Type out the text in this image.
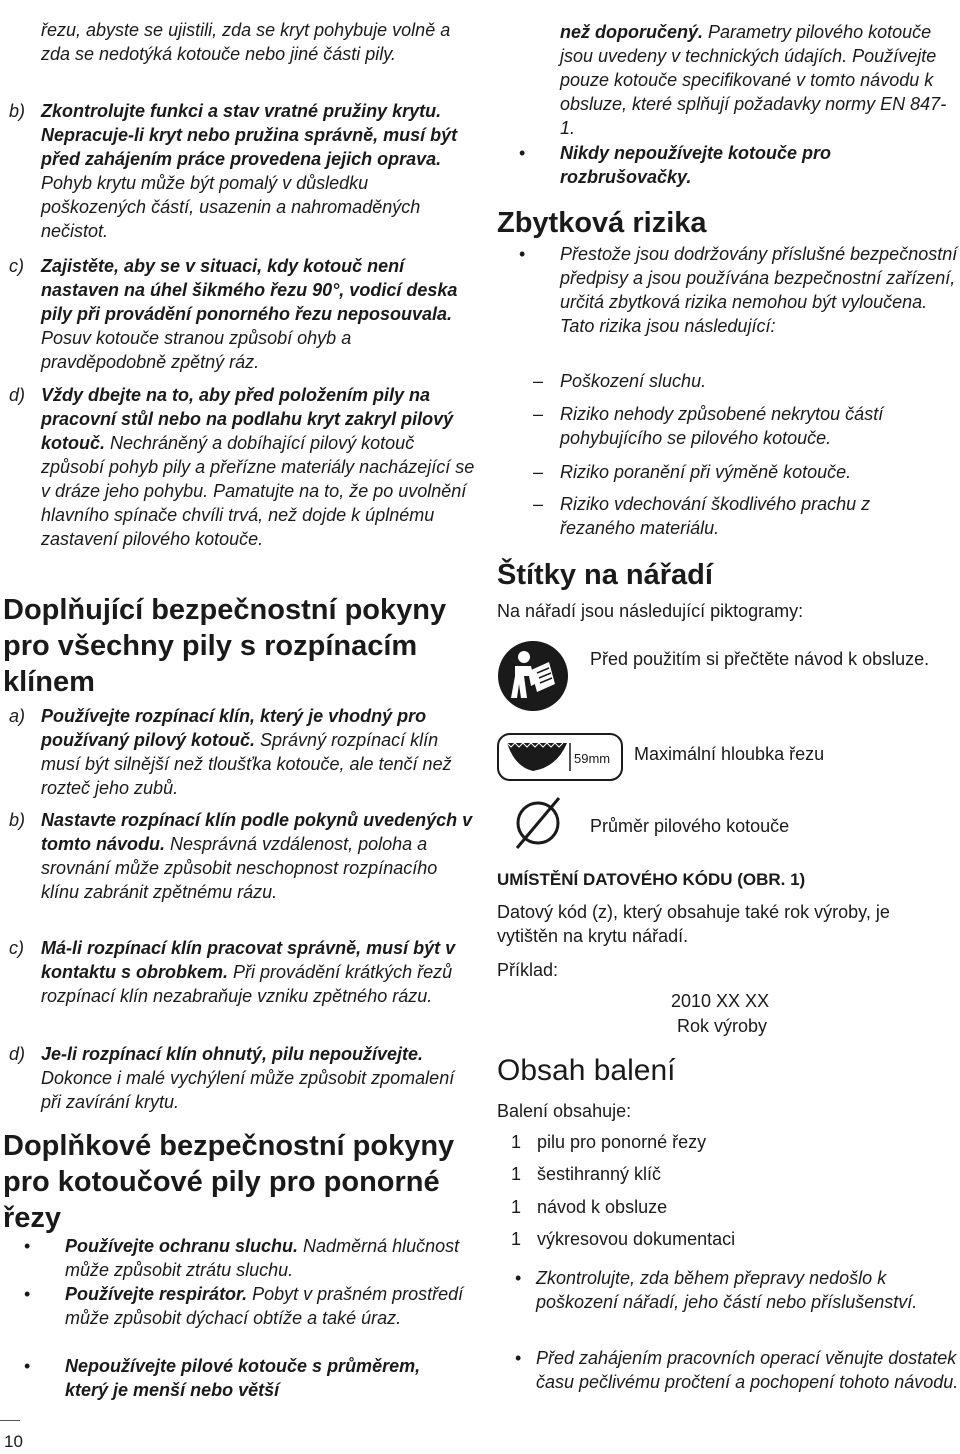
řezu, abyste se ujistili, zda se kryt pohybuje volně a zda se nedotýká kotouče nebo jiné části pily.

b) Zkontrolujte funkci a stav vratné pružiny krytu. Nepracuje-li kryt nebo pružina správně, musí být před zahájením práce provedena jejich oprava. Pohyb krytu může být pomalý v důsledku poškozených částí, usazenin a nahromaděných nečistot.

c) Zajistěte, aby se v situaci, kdy kotouč není nastaven na úhel šikmého řezu 90°, vodicí deska pily při provádění ponorného řezu neposouvala. Posuv kotouče stranou způsobí ohyb a pravděpodobně zpětný ráz.

d) Vždy dbejte na to, aby před položením pily na pracovní stůl nebo na podlahu kryt zakryl pilový kotouč. Nechráněný a dobíhající pilový kotouč způsobí pohyb pily a přeřízne materiály nacházející se v dráze jeho pohybu. Pamatujte na to, že po uvolnění hlavního spínače chvíli trvá, než dojde k úplnému zastavení pilového kotouče.

Doplňující bezpečnostní pokyny pro všechny pily s rozpínacím klínem
a) Používejte rozpínací klín, který je vhodný pro používaný pilový kotouč. Správný rozpínací klín musí být silnější než tloušťka kotouče, ale tenčí než rozteč jeho zubů.

b) Nastavte rozpínací klín podle pokynů uvedených v tomto návodu. Nesprávná vzdálenost, poloha a srovnání může způsobit neschopnost rozpínacího klínu zabránit zpětnému rázu.

c) Má-li rozpínací klín pracovat správně, musí být v kontaktu s obrobkem. Při provádění krátkých řezů rozpínací klín nezabraňuje vzniku zpětného rázu.

d) Je-li rozpínací klín ohnutý, pilu nepoužívejte. Dokonce i malé vychýlení může způsobit zpomalení při zavírání krytu.

Doplňkové bezpečnostní pokyny pro kotoučové pily pro ponorné řezy
• Používejte ochranu sluchu. Nadměrná hlučnost může způsobit ztrátu sluchu.

• Používejte respirátor. Pobyt v prašném prostředí může způsobit dýchací obtíže a také úraz.

• Nepoužívejte pilové kotouče s průměrem, který je menší nebo větší

10

než doporučený. Parametry pilového kotouče jsou uvedeny v technických údajích. Používejte pouze kotouče specifikované v tomto návodu k obsluze, které splňují požadavky normy EN 847-1.

• Nikdy nepoužívejte kotouče pro rozbrušovačky.

Zbytková rizika
• Přestože jsou dodržovány příslušné bezpečnostní předpisy a jsou používána bezpečnostní zařízení, určitá zbytková rizika nemohou být vyloučena. Tato rizika jsou následující:

– Poškození sluchu.

– Riziko nehody způsobené nekrytou částí pohybujícího se pilového kotouče.

– Riziko poranění při výměně kotouče.

– Riziko vdechování škodlivého prachu z řezaného materiálu.

Štítky na nářadí

Na nářadí jsou následující piktogramy:

Před použitím si přečtěte návod k obsluze.

59mm Maximální hloubka řezu

Průměr pilového kotouče

UMÍSTĚNÍ DATOVÉHO KÓDU (OBR. 1)

Datový kód (z), který obsahuje také rok výroby, je vytištěn na krytu nářadí.

Příklad:

2010 XX XX

Rok výroby

Obsah balení

Balení obsahuje:

1 pilu pro ponorné řezy
1 šestihranný klíč
1 návod k obsluze
1 výkresovou dokumentaci
• Zkontrolujte, zda během přepravy nedošlo k poškození nářadí, jeho částí nebo příslušenství.

• Před zahájením pracovních operací věnujte dostatek času pečlivému pročtení a pochopení tohoto návodu.
